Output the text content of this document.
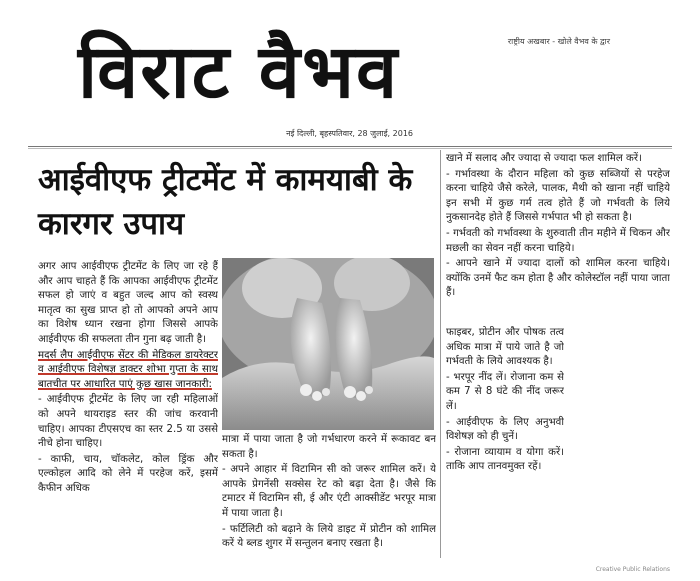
विराट वैभव	राष्ट्रीय अखबार - खोले वैभव के द्वार
नई दिल्ली, बृहस्पतिवार, 28 जुलाई, 2016
आईवीएफ ट्रीटमेंट में कामयाबी के कारगर उपाय

अगर आप आईवीएफ ट्रीटमेंट के लिए जा रहे हैं और आप चाहते हैं कि आपका आईवीएफ ट्रीटमेंट सफल हो जाएं व बहुत जल्द आप को स्वस्थ मातृत्व का सुख प्राप्त हो तो आपको अपने आप का विशेष ध्यान रखना होगा जिससे आपके आईवीएफ की सफलता तीन गुना बढ़ जाती है।

मदर्स लैप आईवीएफ सेंटर की मेडिकल डायरेक्टर व आईवीएफ विशेषज्ञ डाक्टर शोभा गुप्ता के साथ बातचीत पर आधारित पाएं कुछ खास जानकारी:

- आईवीएफ ट्रीटमेंट के लिए जा रही महिलाओं को अपने थायराइड स्तर की जांच करवानी चाहिए। आपका टीएसएच का स्तर 2.5 या उससे नीचे होना चाहिए।

- काफी, चाय, चॉकलेट, कोल ड्रिंक और एल्कोहल आदि को लेने में परहेज करें, इसमें कैफीन अधिक

मात्रा में पाया जाता है जो गर्भधारण करने में रूकावट बन सकता है।

- अपने आहार में विटामिन सी को जरूर शामिल करें। ये आपके प्रेगनेंसी सक्सेस रेट को बढ़ा देता है। जैसे कि टमाटर में विटामिन सी, ई और एंटी आक्सीडेंट भरपूर मात्रा में पाया जाता है।

- फर्टिलिटी को बढ़ाने के लिये डाइट में प्रोटीन को शामिल करें ये ब्लड शुगर में सन्तुलन बनाए रखता है।

खाने में सलाद और ज्यादा से ज्यादा फल शामिल करें।

- गर्भावस्था के दौरान महिला को कुछ सब्जियों से परहेज करना चाहिये जैसे करेले, पालक, मैथी को खाना नहीं चाहिये इन सभी में कुछ गर्म तत्व होते हैं जो गर्भवती के लिये नुकसानदेह होते हैं जिससे गर्भपात भी हो सकता है।

- गर्भवती को गर्भावस्था के शुरुवाती तीन महीने में चिकन और मछली का सेवन नहीं करना चाहिये।

- आपने खाने में ज्यादा दालों को शामिल करना चाहिये। क्योंकि उनमें फैट कम होता है और कोलेस्टॉल नहीं पाया जाता हैं।

फाइबर, प्रोटीन और पोषक तत्व अधिक मात्रा में पाये जाते है जो गर्भवती के लिये आवश्यक है।

- भरपूर नींद लें। रोजाना कम से कम 7 से 8 घंटे की नींद जरूर लें।

- आईवीएफ के लिए अनुभवी विशेषज्ञ को ही चुनें।

- रोजाना व्यायाम व योगा करें। ताकि आप तानवमुक्त रहें।

Creative Public Relations
